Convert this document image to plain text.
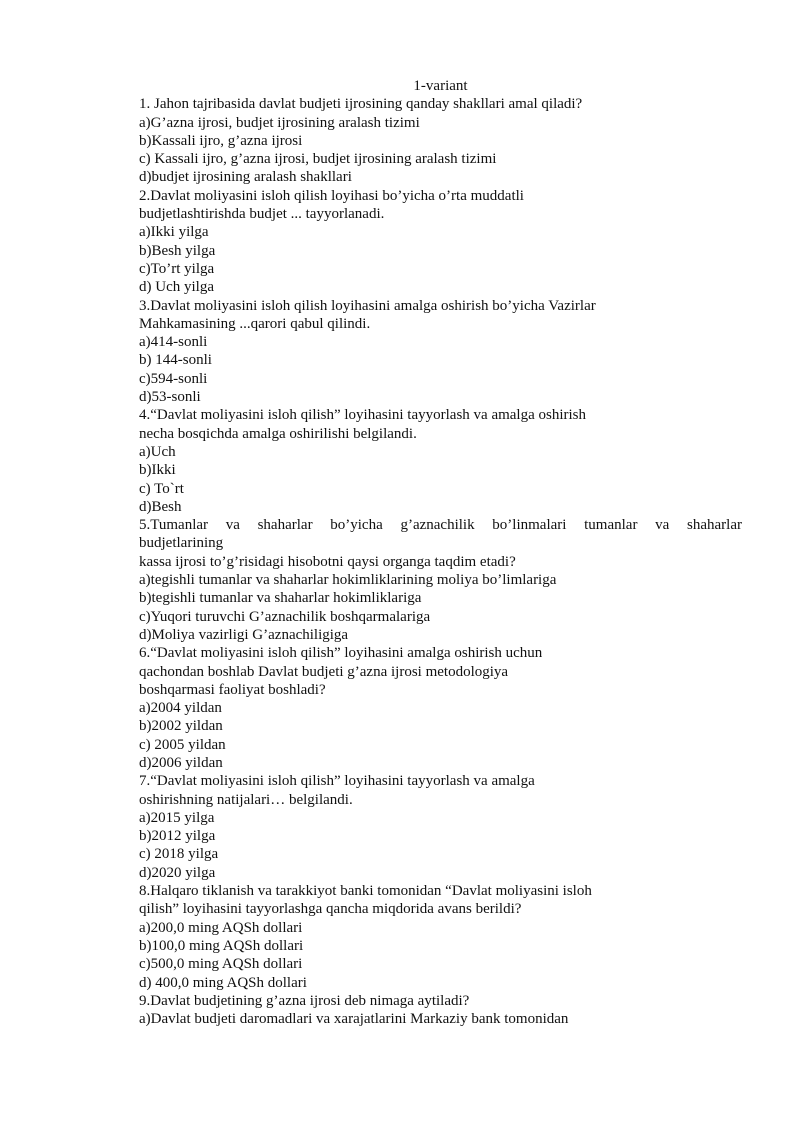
1-variant

1. Jahon tajribasida davlat budjeti ijrosining qanday shakllari amal qiladi?

a)G’azna ijrosi, budjet ijrosining aralash tizimi

b)Kassali ijro, g’azna ijrosi

c) Kassali ijro, g’azna ijrosi, budjet ijrosining aralash tizimi

d)budjet ijrosining aralash shakllari

2.Davlat moliyasini isloh qilish loyihasi bo’yicha o’rta muddatli
budjetlashtirishda budjet ... tayyorlanadi.

a)Ikki yilga

b)Besh yilga

c)To’rt yilga

d) Uch yilga

3.Davlat moliyasini isloh qilish loyihasini amalga oshirish bo’yicha Vazirlar
Mahkamasining ...qarori qabul qilindi.

a)414-sonli

b) 144-sonli

c)594-sonli

d)53-sonli

4.“Davlat moliyasini isloh qilish” loyihasini tayyorlash va amalga oshirish
necha bosqichda amalga oshirilishi belgilandi.

a)Uch

b)Ikki

c) To`rt

d)Besh

5.Tumanlar va shaharlar bo’yicha g’aznachilik bo’linmalari tumanlar va shaharlar
budjetlarining
kassa ijrosi to’g’risidagi hisobotni qaysi organga taqdim etadi?

a)tegishli tumanlar va shaharlar hokimliklarining moliya bo’limlariga

b)tegishli tumanlar va shaharlar hokimliklariga

c)Yuqori turuvchi G’aznachilik boshqarmalariga

d)Moliya vazirligi G’aznachiligiga

6.“Davlat moliyasini isloh qilish” loyihasini amalga oshirish uchun
qachondan boshlab Davlat budjeti g’azna ijrosi metodologiya
boshqarmasi faoliyat boshladi?

a)2004 yildan

b)2002 yildan

c) 2005 yildan

d)2006 yildan

7.“Davlat moliyasini isloh qilish” loyihasini tayyorlash va amalga
oshirishning natijalari… belgilandi.

a)2015 yilga

b)2012 yilga

c) 2018 yilga

d)2020 yilga

8.Halqaro tiklanish va tarakkiyot banki tomonidan “Davlat moliyasini isloh
qilish” loyihasini tayyorlashga qancha miqdorida avans berildi?

a)200,0 ming AQSh dollari

b)100,0 ming AQSh dollari

c)500,0 ming AQSh dollari

d) 400,0 ming AQSh dollari

9.Davlat budjetining g’azna ijrosi deb nimaga aytiladi?

a)Davlat budjeti daromadlari va xarajatlarini Markaziy bank tomonidan
